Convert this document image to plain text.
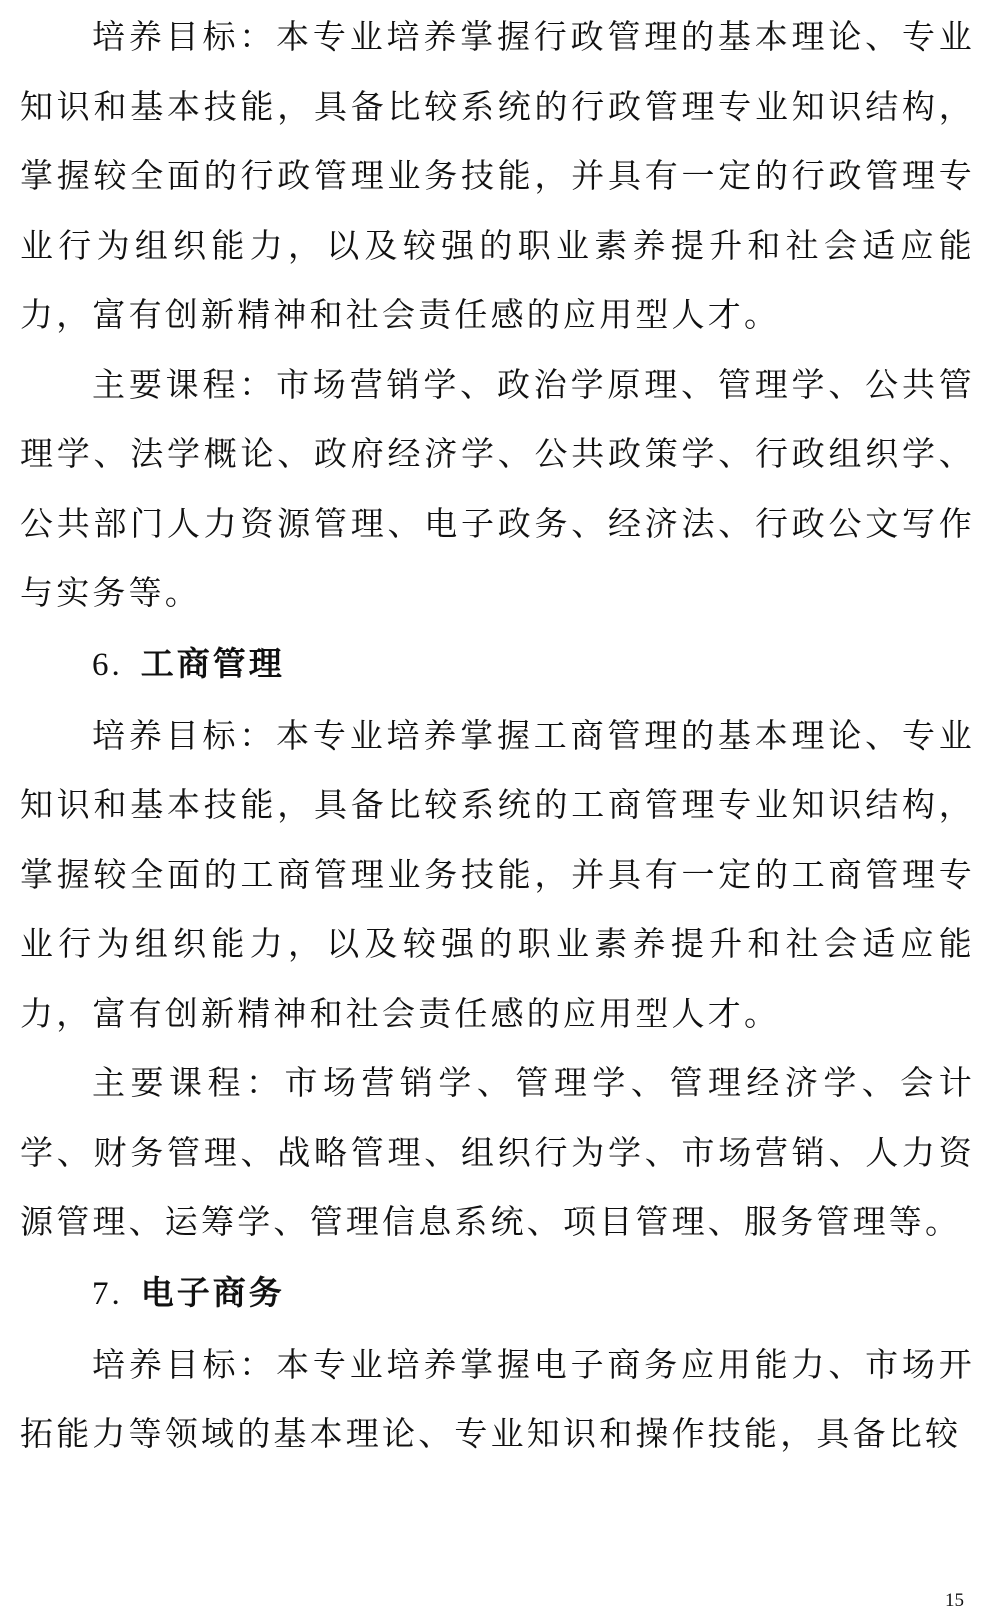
培养目标：本专业培养掌握行政管理的基本理论、专业知识和基本技能，具备比较系统的行政管理专业知识结构，掌握较全面的行政管理业务技能，并具有一定的行政管理专业行为组织能力，以及较强的职业素养提升和社会适应能力，富有创新精神和社会责任感的应用型人才。

主要课程：市场营销学、政治学原理、管理学、公共管理学、法学概论、政府经济学、公共政策学、行政组织学、公共部门人力资源管理、电子政务、经济法、行政公文写作与实务等。

6. 工商管理

培养目标：本专业培养掌握工商管理的基本理论、专业知识和基本技能，具备比较系统的工商管理专业知识结构，掌握较全面的工商管理业务技能，并具有一定的工商管理专业行为组织能力，以及较强的职业素养提升和社会适应能力，富有创新精神和社会责任感的应用型人才。

主要课程：市场营销学、管理学、管理经济学、会计学、财务管理、战略管理、组织行为学、市场营销、人力资源管理、运筹学、管理信息系统、项目管理、服务管理等。

7. 电子商务

培养目标：本专业培养掌握电子商务应用能力、市场开拓能力等领域的基本理论、专业知识和操作技能，具备比较

15
